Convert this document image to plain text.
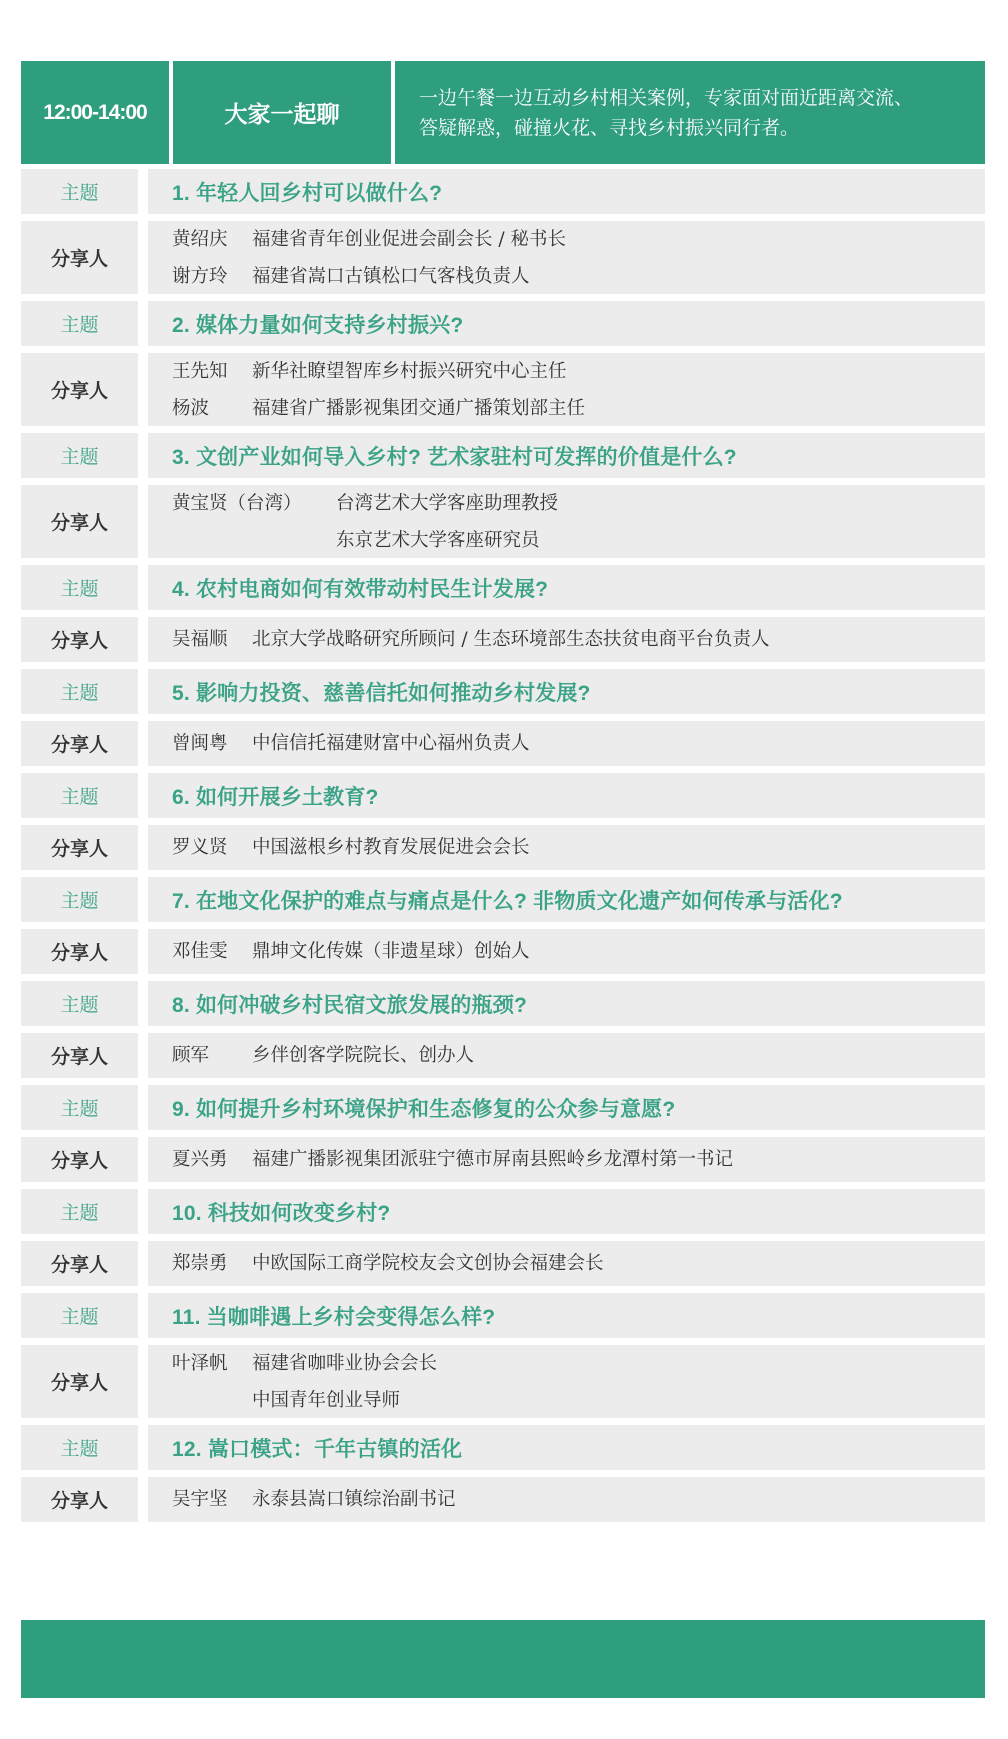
12:00-14:00	大家一起聊
一边午餐一边互动乡村相关案例，专家面对面近距离交流、
答疑解惑，碰撞火花、寻找乡村振兴同行者。
主题	1. 年轻人回乡村可以做什么?
分享人
黄绍庆 福建省青年创业促进会副会长 / 秘书长
谢方玲 福建省嵩口古镇松口气客栈负责人
主题	2. 媒体力量如何支持乡村振兴?
分享人
王先知 新华社瞭望智库乡村振兴研究中心主任
杨波 福建省广播影视集团交通广播策划部主任
主题	3. 文创产业如何导入乡村? 艺术家驻村可发挥的价值是什么?
分享人
黄宝贤（台湾） 台湾艺术大学客座助理教授
东京艺术大学客座研究员
主题	4. 农村电商如何有效带动村民生计发展?
分享人	吴福顺 北京大学战略研究所顾问 / 生态环境部生态扶贫电商平台负责人
主题	5. 影响力投资、慈善信托如何推动乡村发展?
分享人	曾闽粤 中信信托福建财富中心福州负责人
主题	6. 如何开展乡土教育?
分享人	罗义贤 中国滋根乡村教育发展促进会会长
主题	7. 在地文化保护的难点与痛点是什么? 非物质文化遗产如何传承与活化?
分享人	邓佳雯 鼎坤文化传媒（非遗星球）创始人
主题	8. 如何冲破乡村民宿文旅发展的瓶颈?
分享人	顾军 乡伴创客学院院长、创办人
主题	9. 如何提升乡村环境保护和生态修复的公众参与意愿?
分享人	夏兴勇 福建广播影视集团派驻宁德市屏南县熙岭乡龙潭村第一书记
主题	10. 科技如何改变乡村?
分享人	郑崇勇 中欧国际工商学院校友会文创协会福建会长
主题	11. 当咖啡遇上乡村会变得怎么样?
分享人
叶泽帆 福建省咖啡业协会会长
中国青年创业导师
主题	12. 嵩口模式：千年古镇的活化
分享人	吴宇坚 永泰县嵩口镇综治副书记
